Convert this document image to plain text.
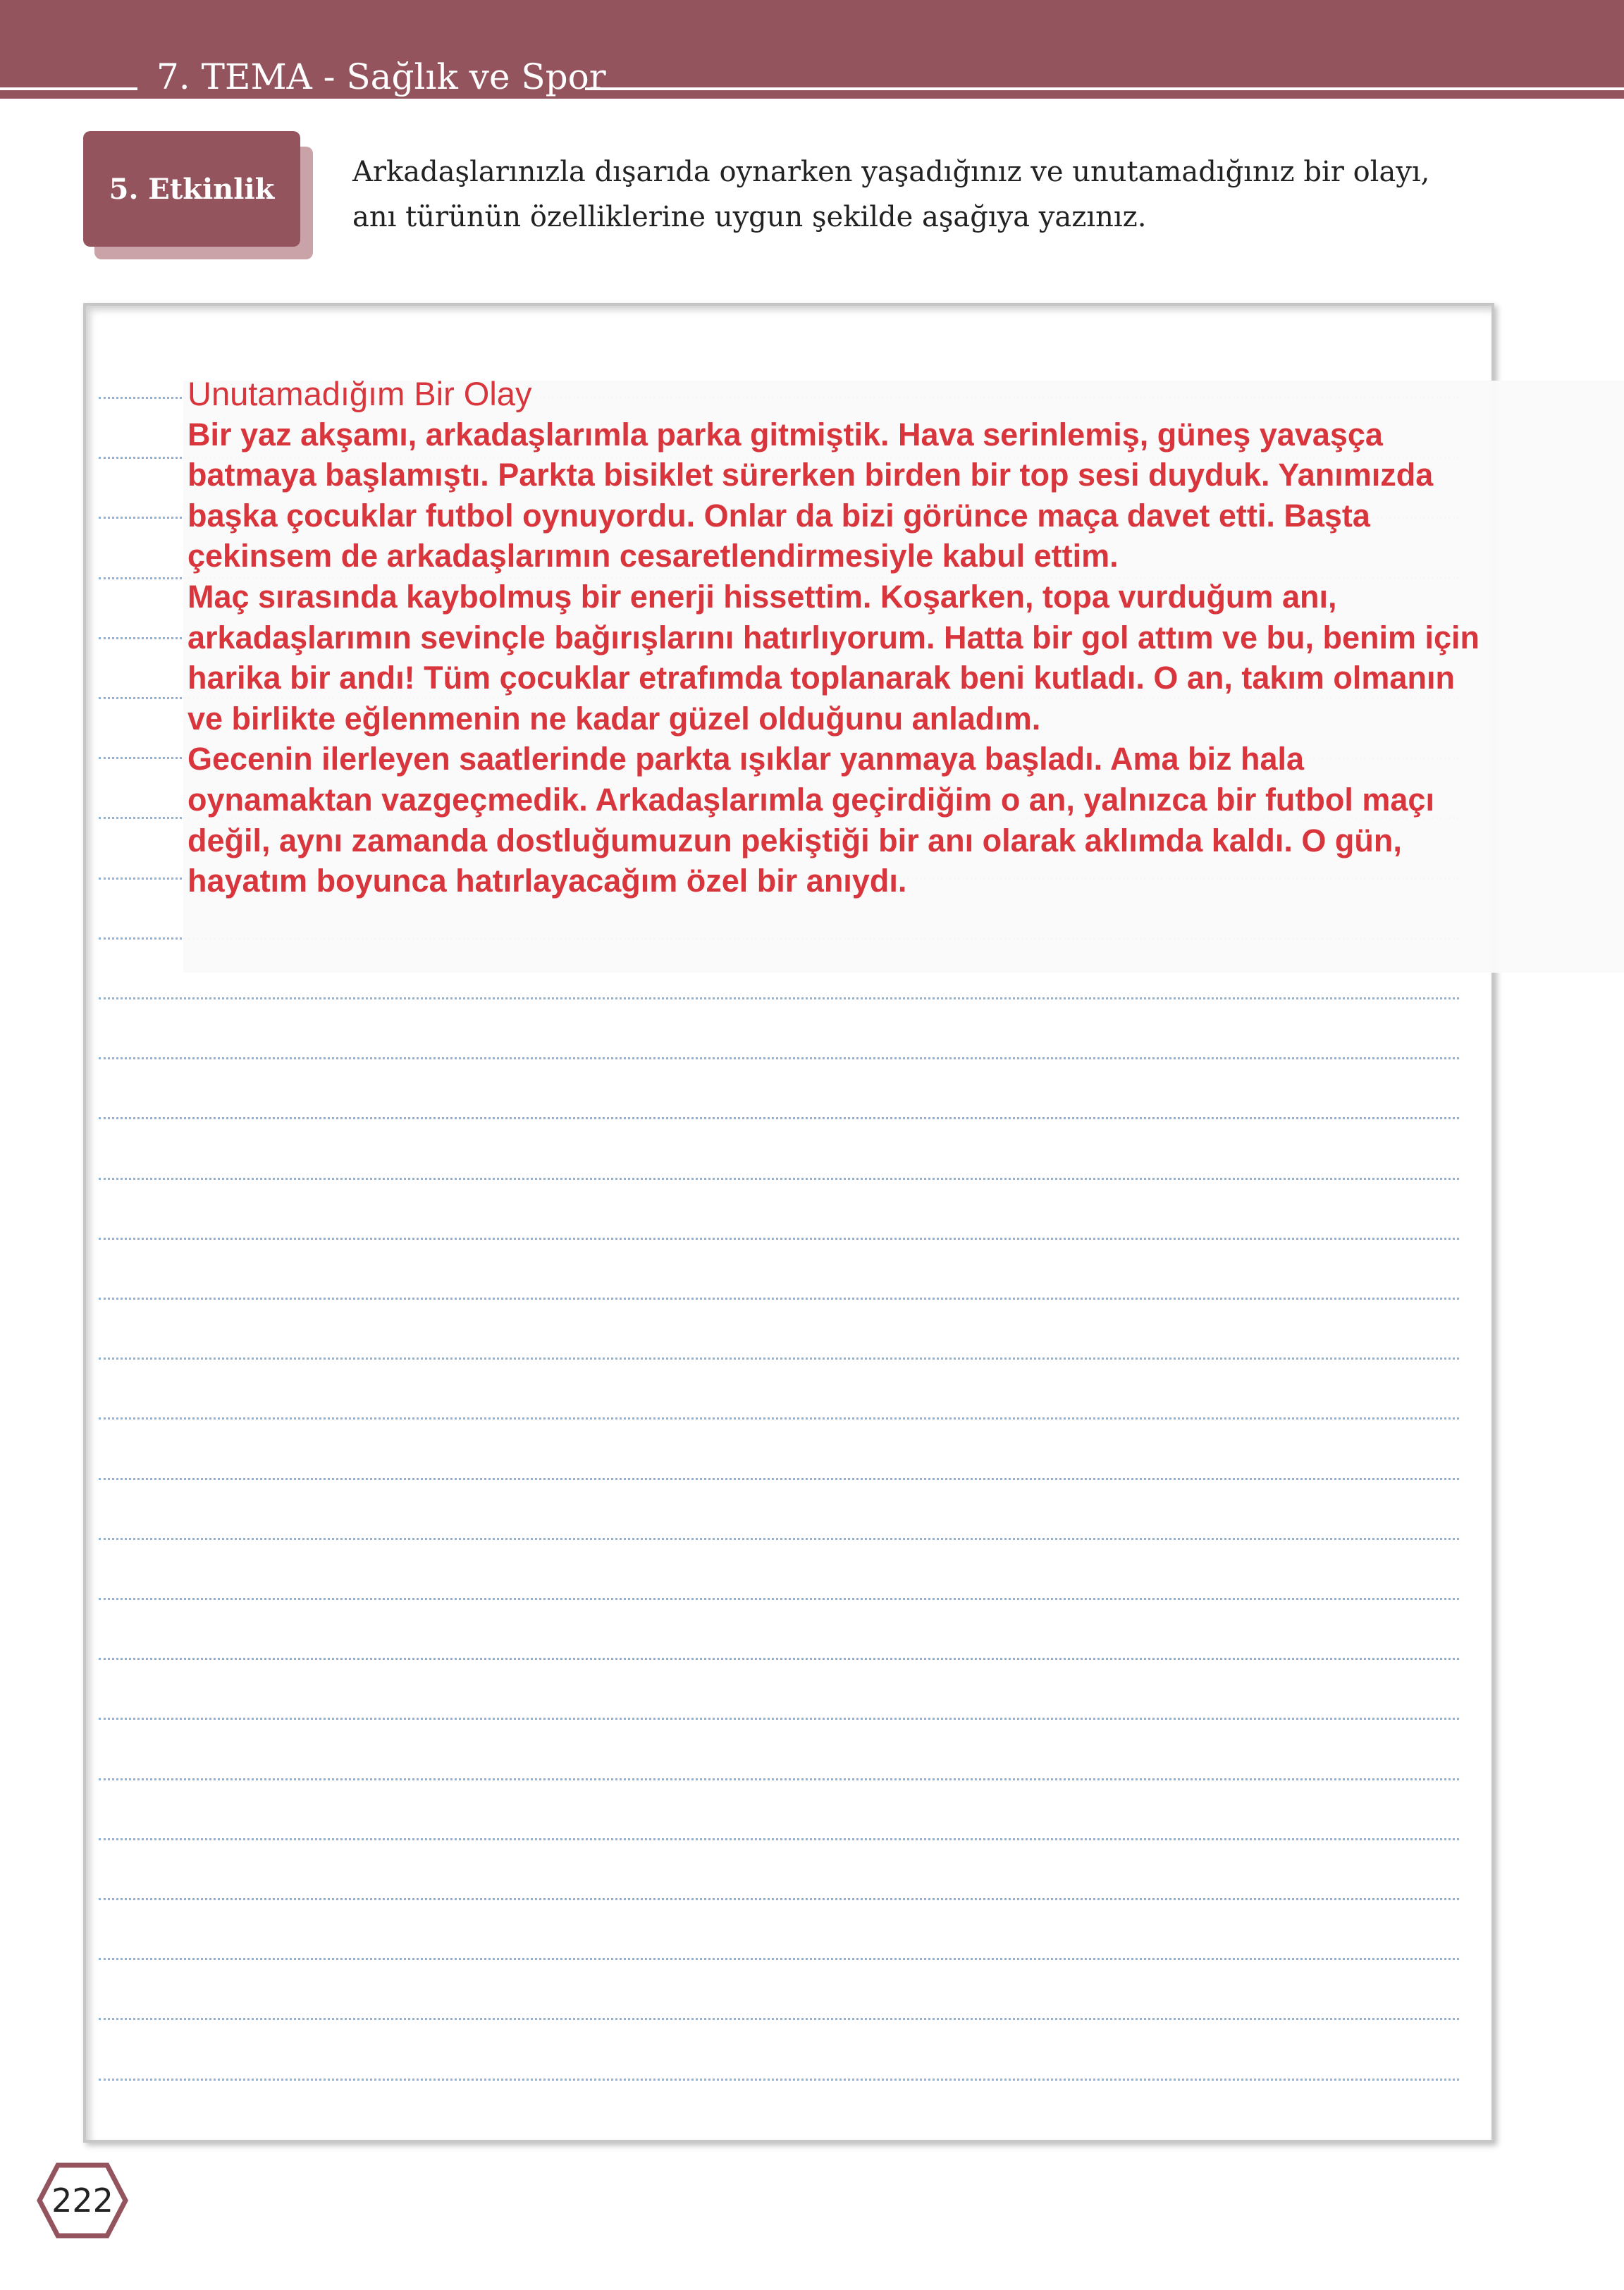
7. TEMA - Sağlık ve Spor
5. Etkinlik
Arkadaşlarınızla dışarıda oynarken yaşadığınız ve unutamadığınız bir olayı,
anı türünün özelliklerine uygun şekilde aşağıya yazınız.
Unutamadığım Bir Olay
Bir yaz akşamı, arkadaşlarımla parka gitmiştik. Hava serinlemiş, güneş yavaşça
batmaya başlamıştı. Parkta bisiklet sürerken birden bir top sesi duyduk. Yanımızda
başka çocuklar futbol oynuyordu. Onlar da bizi görünce maça davet etti. Başta
çekinsem de arkadaşlarımın cesaretlendirmesiyle kabul ettim.
Maç sırasında kaybolmuş bir enerji hissettim. Koşarken, topa vurduğum anı,
arkadaşlarımın sevinçle bağırışlarını hatırlıyorum. Hatta bir gol attım ve bu, benim için
harika bir andı! Tüm çocuklar etrafımda toplanarak beni kutladı. O an, takım olmanın
ve birlikte eğlenmenin ne kadar güzel olduğunu anladım.
Gecenin ilerleyen saatlerinde parkta ışıklar yanmaya başladı. Ama biz hala
oynamaktan vazgeçmedik. Arkadaşlarımla geçirdiğim o an, yalnızca bir futbol maçı
değil, aynı zamanda dostluğumuzun pekiştiği bir anı olarak aklımda kaldı. O gün,
hayatım boyunca hatırlayacağım özel bir anıydı.
222
